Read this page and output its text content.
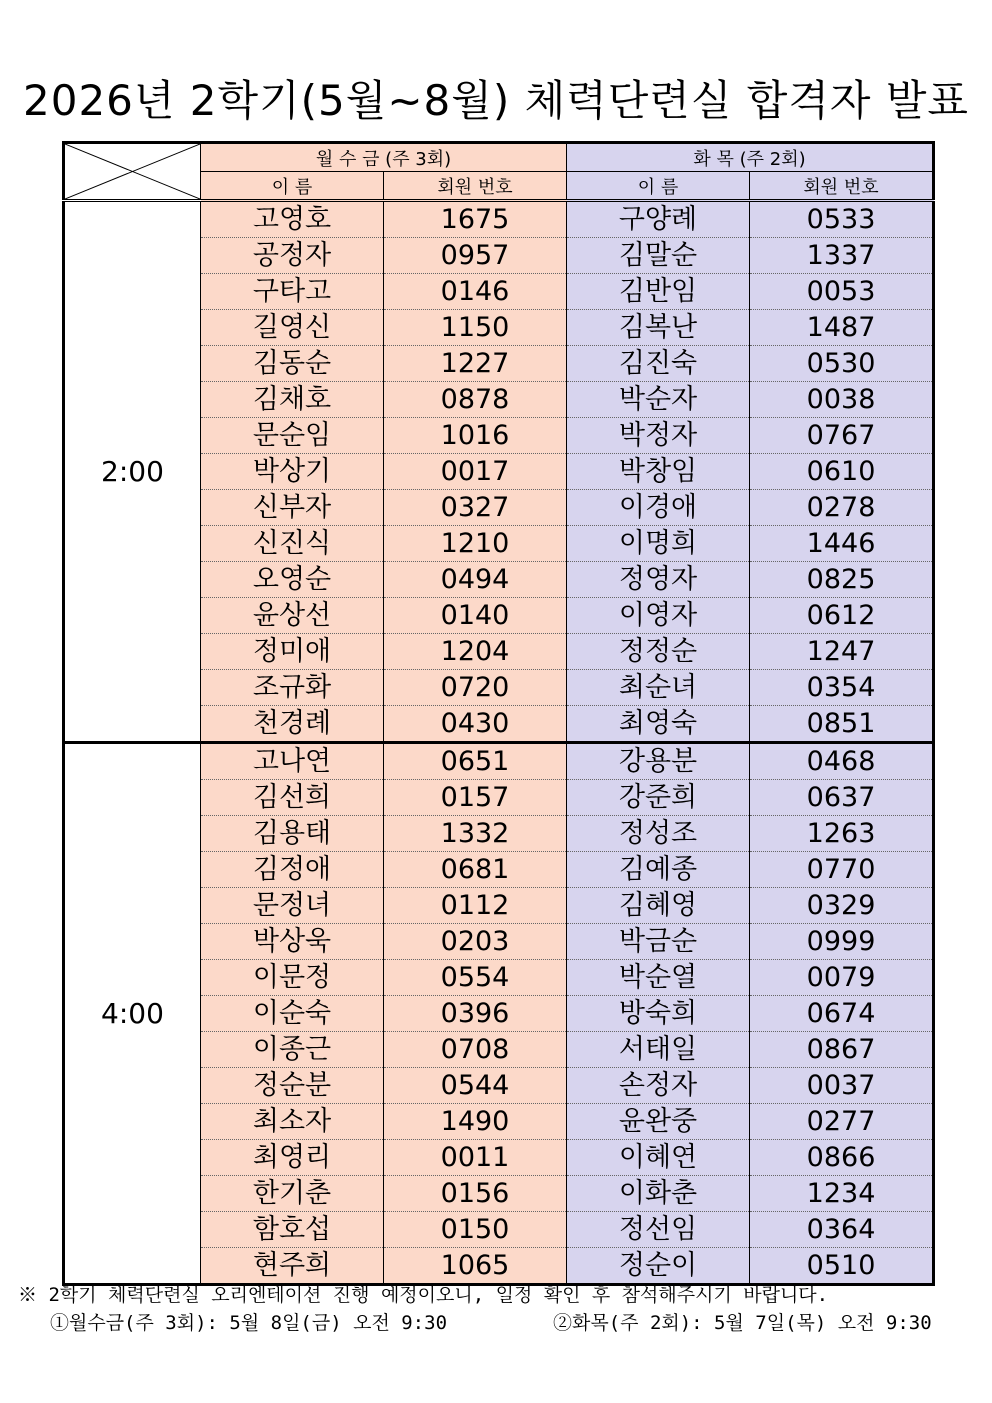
2026년 2학기(5월~8월) 체력단련실 합격자 발표
	월 수 금 (주 3회)		화 목 (주 2회)	
	이 름	회원 번호	이 름	회원 번호
2:00	고영호	1675	구양례	0533
	공정자	0957	김말순	1337
	구타고	0146	김반임	0053
	길영신	1150	김복난	1487
	김동순	1227	김진숙	0530
	김채호	0878	박순자	0038
	문순임	1016	박정자	0767
	박상기	0017	박창임	0610
	신부자	0327	이경애	0278
	신진식	1210	이명희	1446
	오영순	0494	정영자	0825
	윤상선	0140	이영자	0612
	정미애	1204	정정순	1247
	조규화	0720	최순녀	0354
	천경례	0430	최영숙	0851
4:00	고나연	0651	강용분	0468
	김선희	0157	강준희	0637
	김용태	1332	정성조	1263
	김정애	0681	김예종	0770
	문정녀	0112	김혜영	0329
	박상욱	0203	박금순	0999
	이문정	0554	박순열	0079
	이순숙	0396	방숙희	0674
	이종근	0708	서태일	0867
	정순분	0544	손정자	0037
	최소자	1490	윤완중	0277
	최영리	0011	이혜연	0866
	한기춘	0156	이화춘	1234
	함호섭	0150	정선임	0364
	현주희	1065	정순이	0510
※ 2학기 체력단련실 오리엔테이션 진행 예정이오니, 일정 확인 후 참석해주시기 바랍니다.
①월수금(주 3회): 5월 8일(금) 오전 9:30	②화목(주 2회): 5월 7일(목) 오전 9:30
